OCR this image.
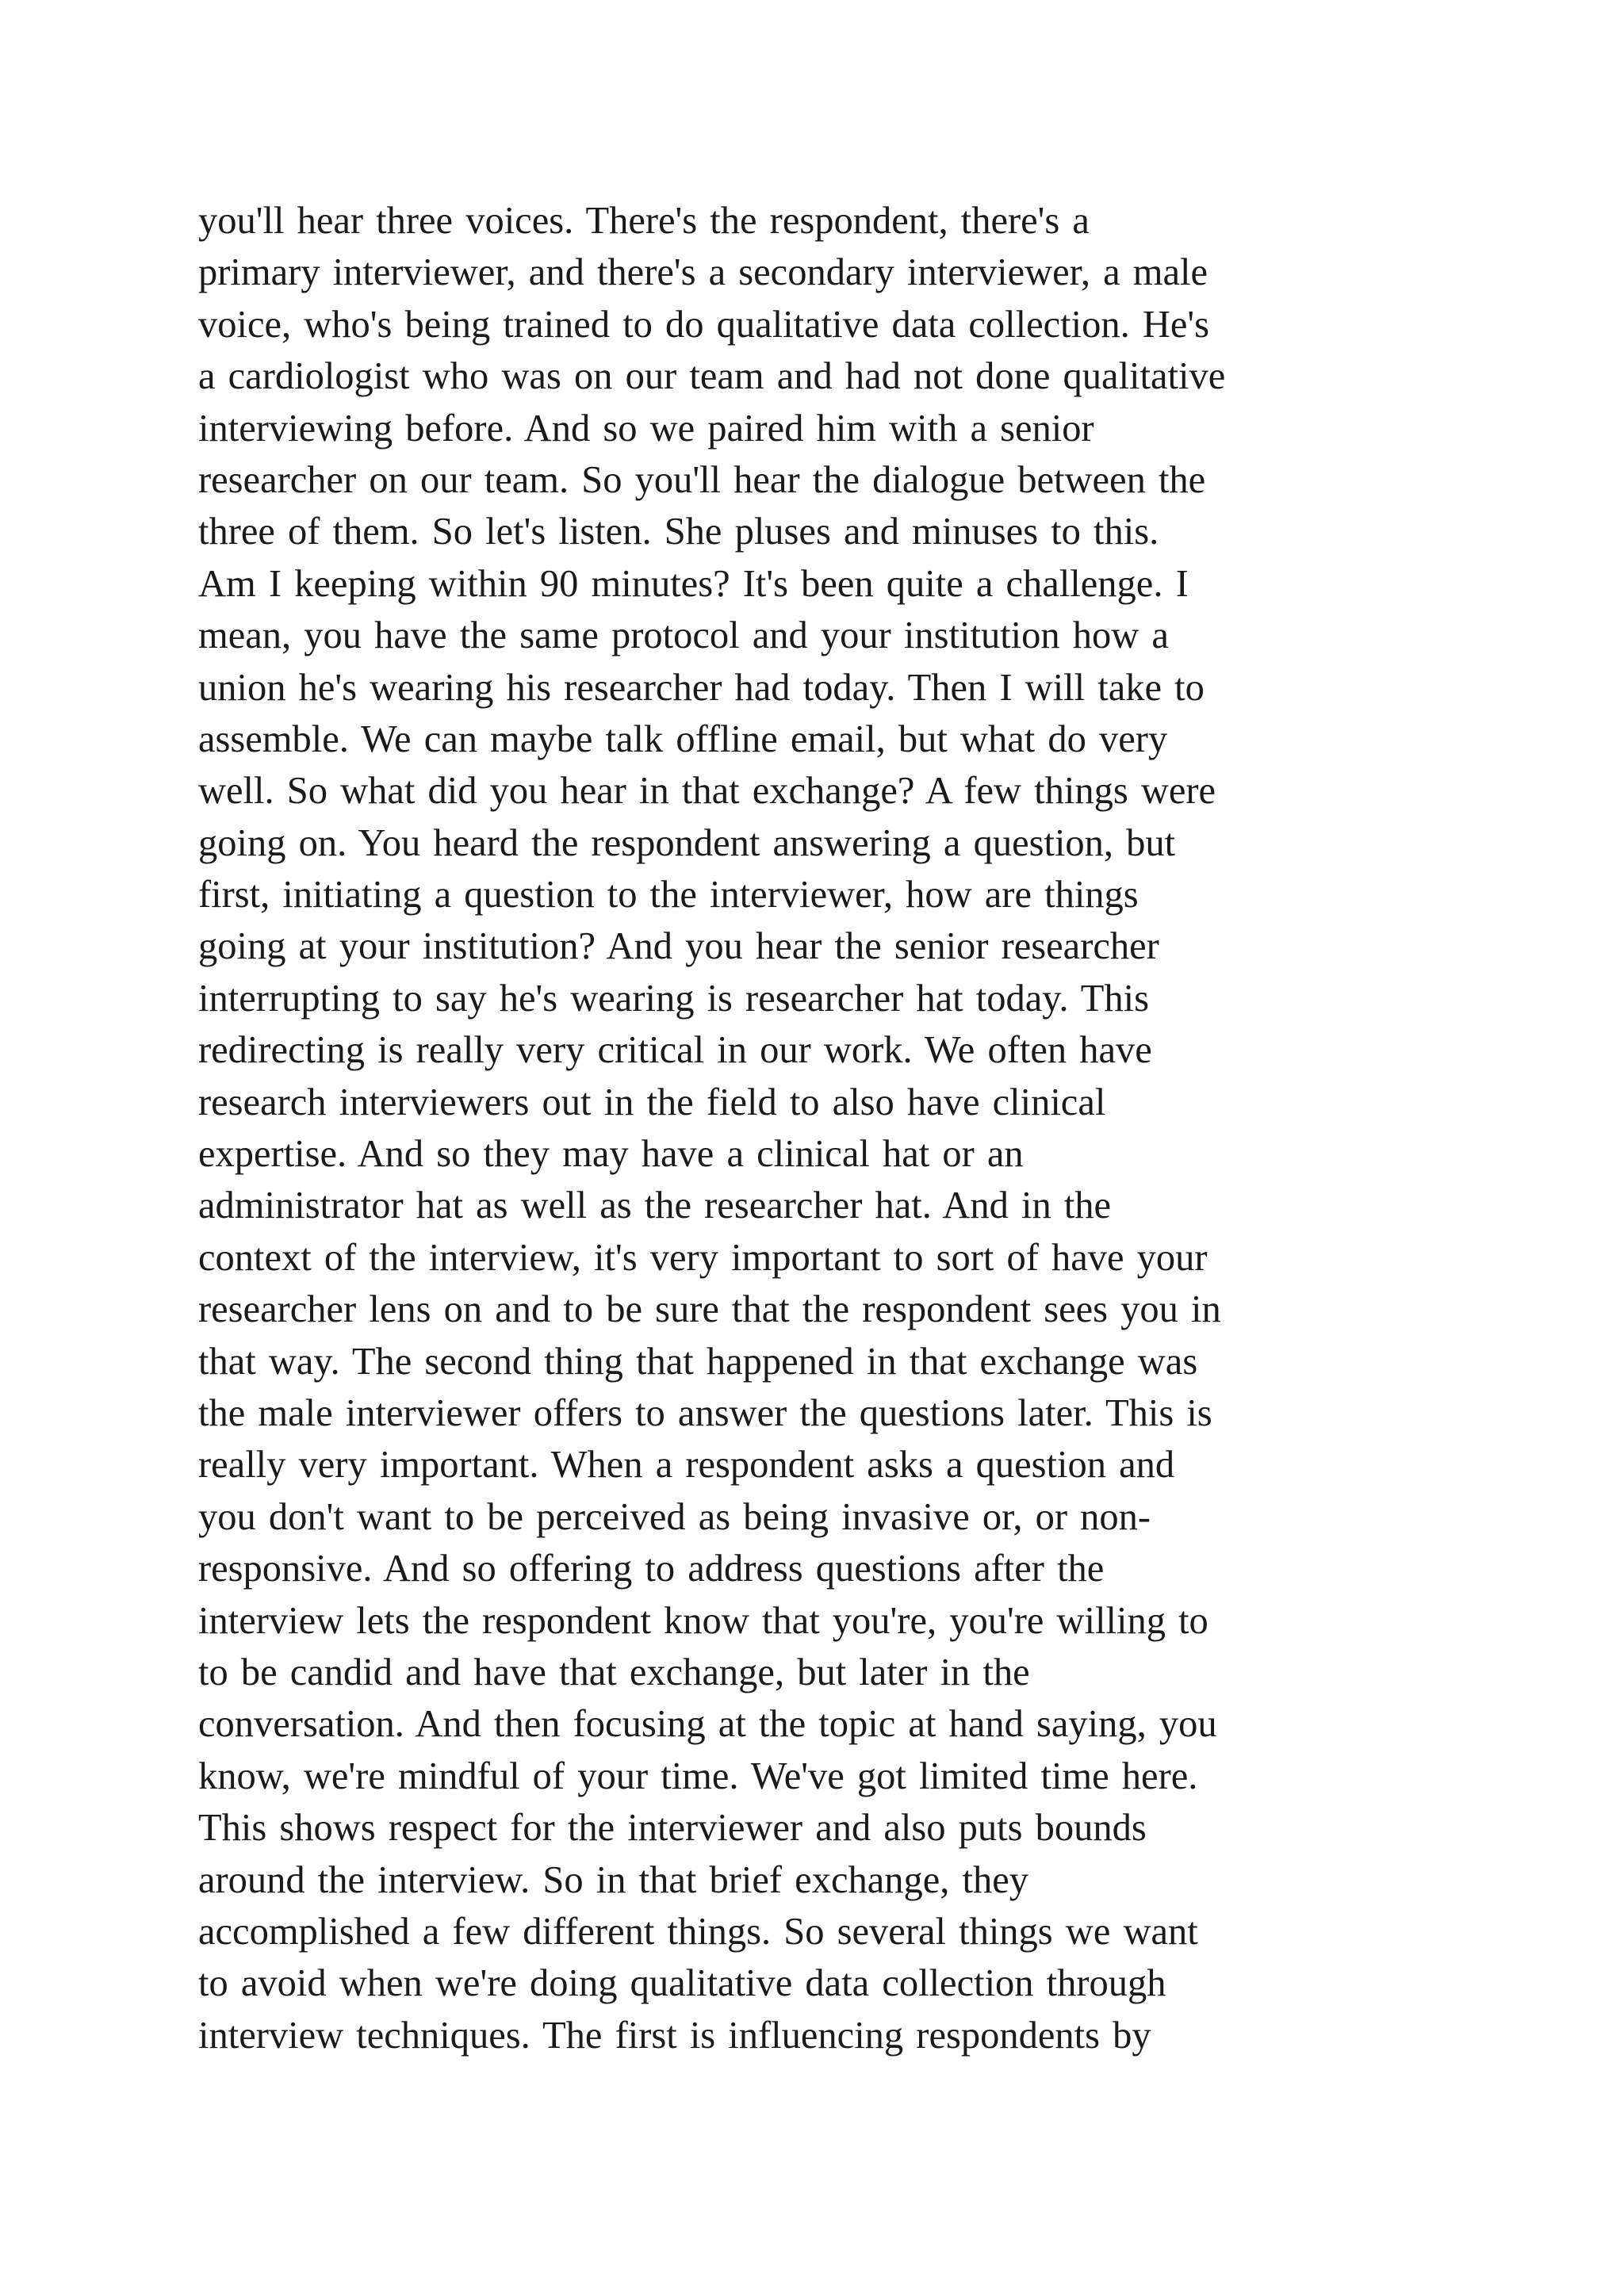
you'll hear three voices. There's the respondent, there's a
primary interviewer, and there's a secondary interviewer, a male
voice, who's being trained to do qualitative data collection. He's
a cardiologist who was on our team and had not done qualitative
interviewing before. And so we paired him with a senior
researcher on our team. So you'll hear the dialogue between the
three of them. So let's listen. She pluses and minuses to this.
Am I keeping within 90 minutes? It's been quite a challenge. I
mean, you have the same protocol and your institution how a
union he's wearing his researcher had today. Then I will take to
assemble. We can maybe talk offline email, but what do very
well. So what did you hear in that exchange? A few things were
going on. You heard the respondent answering a question, but
first, initiating a question to the interviewer, how are things
going at your institution? And you hear the senior researcher
interrupting to say he's wearing is researcher hat today. This
redirecting is really very critical in our work. We often have
research interviewers out in the field to also have clinical
expertise. And so they may have a clinical hat or an
administrator hat as well as the researcher hat. And in the
context of the interview, it's very important to sort of have your
researcher lens on and to be sure that the respondent sees you in
that way. The second thing that happened in that exchange was
the male interviewer offers to answer the questions later. This is
really very important. When a respondent asks a question and
you don't want to be perceived as being invasive or, or non-
responsive. And so offering to address questions after the
interview lets the respondent know that you're, you're willing to
to be candid and have that exchange, but later in the
conversation. And then focusing at the topic at hand saying, you
know, we're mindful of your time. We've got limited time here.
This shows respect for the interviewer and also puts bounds
around the interview. So in that brief exchange, they
accomplished a few different things. So several things we want
to avoid when we're doing qualitative data collection through
interview techniques. The first is influencing respondents by
